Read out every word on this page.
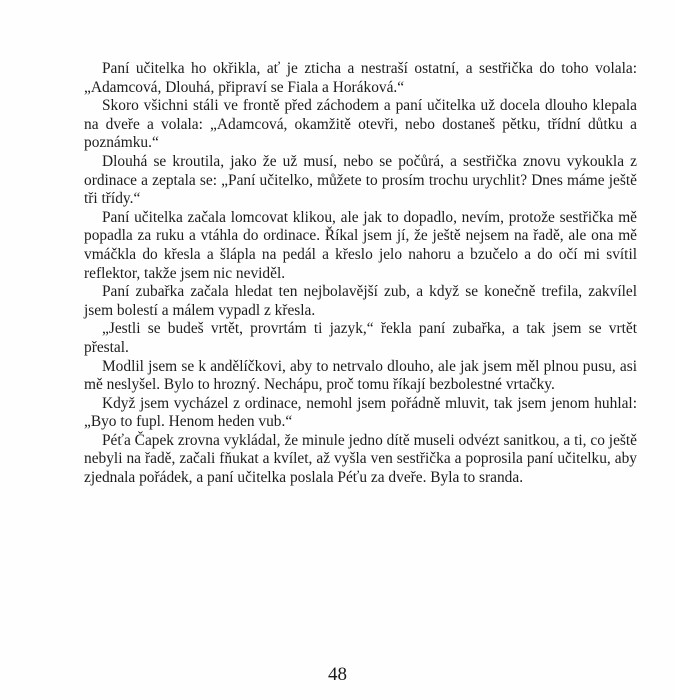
Paní učitelka ho okřikla, ať je zticha a nestraší ostatní, a sestřička do toho volala: „Adamcová, Dlouhá, připraví se Fiala a Horáková.“

Skoro všichni stáli ve frontě před záchodem a paní učitelka už docela dlouho klepala na dveře a volala: „Adamcová, okamžitě otevři, nebo dostaneš pětku, třídní důtku a poznámku.“

Dlouhá se kroutila, jako že už musí, nebo se počůrá, a sestřička znovu vykoukla z ordinace a zeptala se: „Paní učitelko, můžete to prosím trochu urychlit? Dnes máme ještě tři třídy.“

Paní učitelka začala lomcovat klikou, ale jak to dopadlo, nevím, protože sestřička mě popadla za ruku a vtáhla do ordinace. Říkal jsem jí, že ještě nejsem na řadě, ale ona mě vmáčkla do křesla a šlápla na pedál a křeslo jelo nahoru a bzučelo a do očí mi svítil reflektor, takže jsem nic neviděl.

Paní zubařka začala hledat ten nejbolavější zub, a když se konečně trefila, zakvílel jsem bolestí a málem vypadl z křesla.

„Jestli se budeš vrtět, provrtám ti jazyk,“ řekla paní zubařka, a tak jsem se vrtět přestal.

Modlil jsem se k andělíčkovi, aby to netrvalo dlouho, ale jak jsem měl plnou pusu, asi mě neslyšel. Bylo to hrozný. Nechápu, proč tomu říkají bezbolestné vrtačky.

Když jsem vycházel z ordinace, nemohl jsem pořádně mluvit, tak jsem jenom huhlal: „Byo to fupl. Henom heden vub.“

Péťa Čapek zrovna vykládal, že minule jedno dítě museli odvézt sanitkou, a ti, co ještě nebyli na řadě, začali fňukat a kvílet, až vyšla ven sestřička a poprosila paní učitelku, aby zjednala pořádek, a paní učitelka poslala Péťu za dveře. Byla to sranda.

48
